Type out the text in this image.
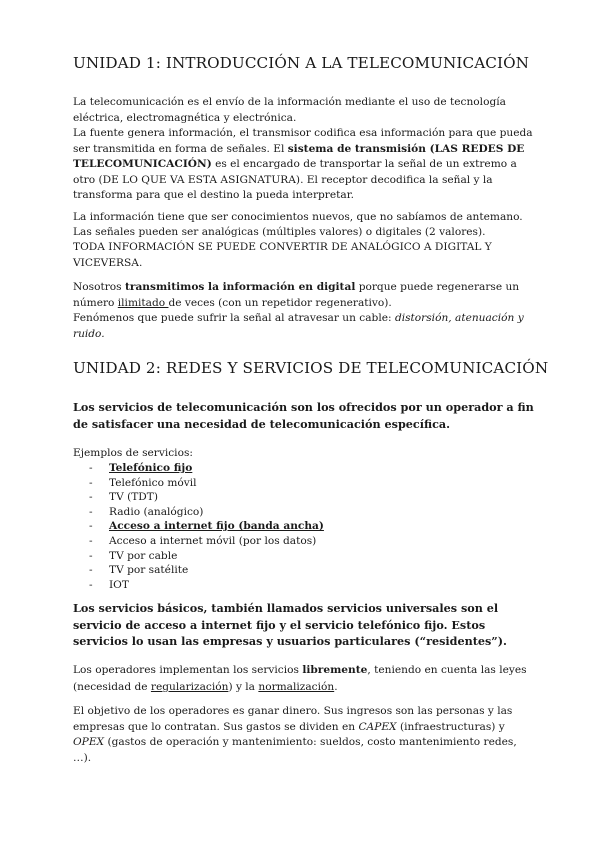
UNIDAD 1: INTRODUCCIÓN A LA TELECOMUNICACIÓN

La telecomunicación es el envío de la información mediante el uso de tecnología eléctrica, electromagnética y electrónica.

La fuente genera información, el transmisor codifica esa información para que pueda ser transmitida en forma de señales. El sistema de transmisión (LAS REDES DE TELECOMUNICACIÓN) es el encargado de transportar la señal de un extremo a otro (DE LO QUE VA ESTA ASIGNATURA). El receptor decodifica la señal y la transforma para que el destino la pueda interpretar.

La información tiene que ser conocimientos nuevos, que no sabíamos de antemano.

Las señales pueden ser analógicas (múltiples valores) o digitales (2 valores).

TODA INFORMACIÓN SE PUEDE CONVERTIR DE ANALÓGICO A DIGITAL Y VICEVERSA.

Nosotros transmitimos la información en digital porque puede regenerarse un número ilimitado de veces (con un repetidor regenerativo).

Fenómenos que puede sufrir la señal al atravesar un cable: distorsión, atenuación y ruido.

UNIDAD 2: REDES Y SERVICIOS DE TELECOMUNICACIÓN

Los servicios de telecomunicación son los ofrecidos por un operador a fin de satisfacer una necesidad de telecomunicación específica.

Ejemplos de servicios:

- Telefónico fijo
- Telefónico móvil
- TV (TDT)
- Radio (analógico)
- Acceso a internet fijo (banda ancha)
- Acceso a internet móvil (por los datos)
- TV por cable
- TV por satélite
- IOT

Los servicios básicos, también llamados servicios universales son el servicio de acceso a internet fijo y el servicio telefónico fijo. Estos servicios lo usan las empresas y usuarios particulares (“residentes”).

Los operadores implementan los servicios libremente, teniendo en cuenta las leyes (necesidad de regularización) y la normalización.

El objetivo de los operadores es ganar dinero. Sus ingresos son las personas y las empresas que lo contratan. Sus gastos se dividen en CAPEX (infraestructuras) y OPEX (gastos de operación y mantenimiento: sueldos, costo mantenimiento redes, …).
